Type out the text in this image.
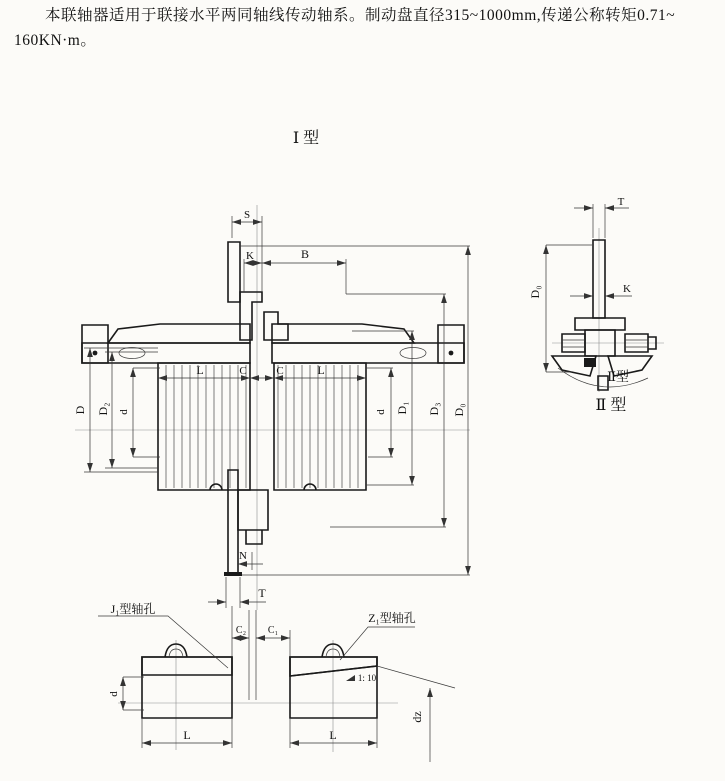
本联轴器适用于联接水平两同轴线传动轴系。制动盘直径315~1000mm,传递公称转矩0.71~
160KN·m。
Ⅰ 型
S
K	B
L	C	C	L
D D₂ d	d D₁ D₃ D₀
N
T
T
K
D₀
Ⅱ型
Ⅱ 型
J₁型轴孔
C₂ C₁
d
L
Z₁型轴孔
1: 10
L
dz
